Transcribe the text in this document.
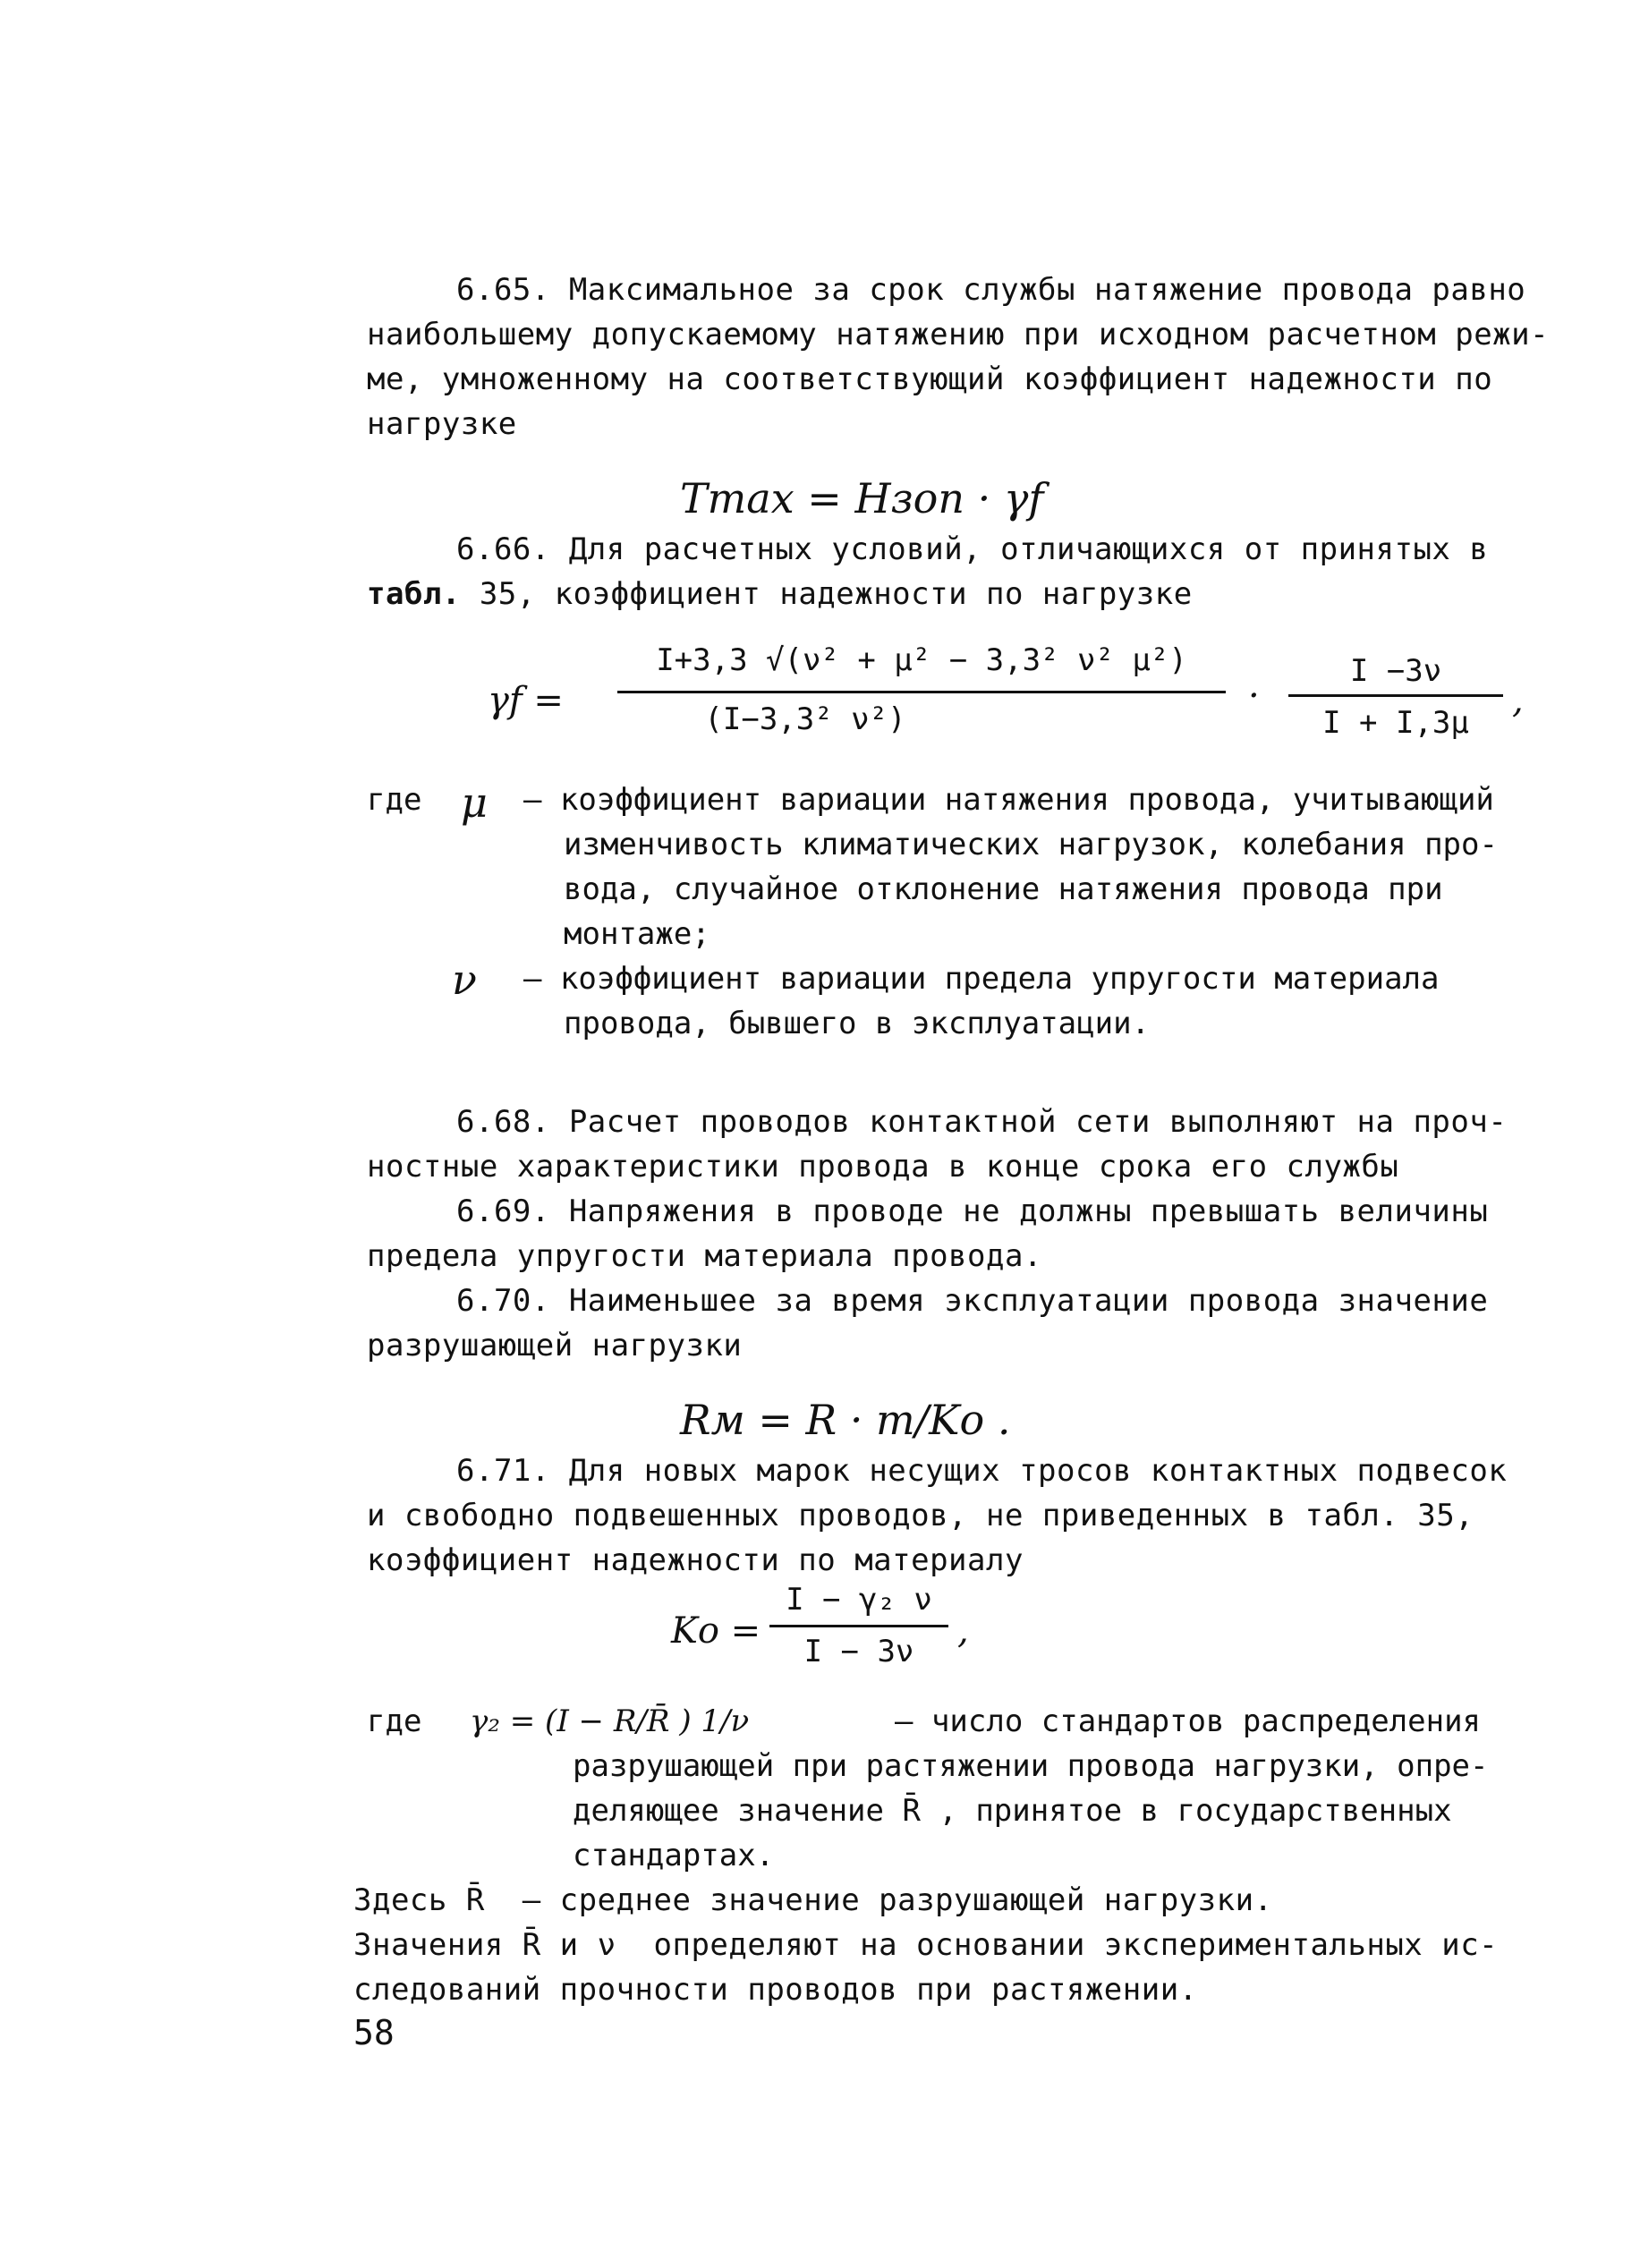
6.65. Максимальное за срок службы натяжение провода равно
наибольшему допускаемому натяжению при исходном расчетном режи-
ме, умноженному на соответствующий коэффициент надежности по
нагрузке
Tmax = Hзоп · γf
6.66. Для расчетных условий, отличающихся от принятых в
табл. 35, коэффициент надежности по нагрузке
γf =
I+3,3 √(ν² + μ² − 3,3² ν² μ²)
(I−3,3² ν²)
·
I −3ν
I + I,3μ
,
где μ – коэффициент вариации натяжения провода, учитывающий
изменчивость климатических нагрузок, колебания про-
вода, случайное отклонение натяжения провода при
монтаже;
ν – коэффициент вариации предела упругости материала
провода, бывшего в эксплуатации.
6.68. Расчет проводов контактной сети выполняют на проч-
ностные характеристики провода в конце срока его службы
6.69. Напряжения в проводе не должны превышать величины
предела упругости материала провода.
6.70. Наименьшее за время эксплуатации провода значение
разрушающей нагрузки
Rм = R · m/Kо .
6.71. Для новых марок несущих тросов контактных подвесок
и свободно подвешенных проводов, не приведенных в табл. 35,
коэффициент надежности по материалу
Kо =
I − γ₂ ν
I − 3ν	,
где γ₂ = (I − R/R̄ ) 1/ν	– число стандартов распределения
разрушающей при растяжении провода нагрузки, опре-
деляющее значение R̄ , принятое в государственных
стандартах.
Здесь R̄  – среднее значение разрушающей нагрузки.
Значения R̄ и ν  определяют на основании экспериментальных ис-
следований прочности проводов при растяжении.
58
